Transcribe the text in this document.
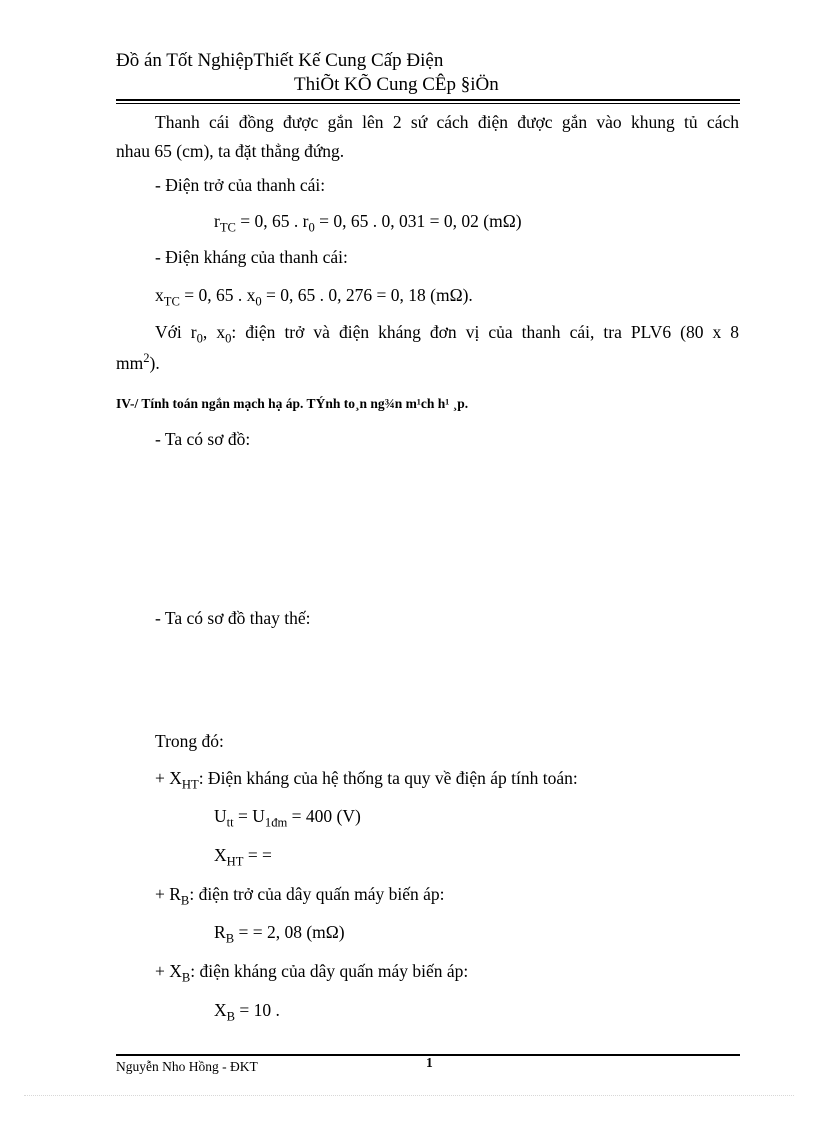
Đồ án Tốt NghiệpThiết Kế Cung Cấp Điện
ThiÕt KÕ Cung CÊp §iÖn
Thanh cái đồng được gắn lên 2 sứ cách điện được gắn vào khung tủ cách
nhau 65 (cm), ta đặt thẳng đứng.
- Điện trở của thanh cái:
$r_{TC} = 0$, 65 . $r_0 = 0$, 65 . 0, 031 = 0, 02 (mΩ)
- Điện kháng của thanh cái:
$x_{TC} = 0$, 65 . $x_0 = 0$, 65 . 0, 276 = 0, 18 (mΩ).
Với $r_0$, $x_0$: điện trở và điện kháng đơn vị của thanh cái, tra PLV6 (80 x 8
$mm^2$).
IV-/ Tính toán ngắn mạch hạ áp. TÝnh to¸n ng¾n m¹ch h¹ ¸p.
- Ta có sơ đồ:
- Ta có sơ đồ thay thế:
Trong đó:
+ $X_{HT}$: Điện kháng của hệ thống ta quy về điện áp tính toán:
$U_{tt} = U_{1đm} = 400$ (V)
$X_{HT}$ = =
+ $R_B$: điện trở của dây quấn máy biến áp:
$R_B$ = = 2, 08 (mΩ)
+ $X_B$: điện kháng của dây quấn máy biến áp:
$X_B = 10$ .
Nguyễn Nho Hồng - ĐKT	1
